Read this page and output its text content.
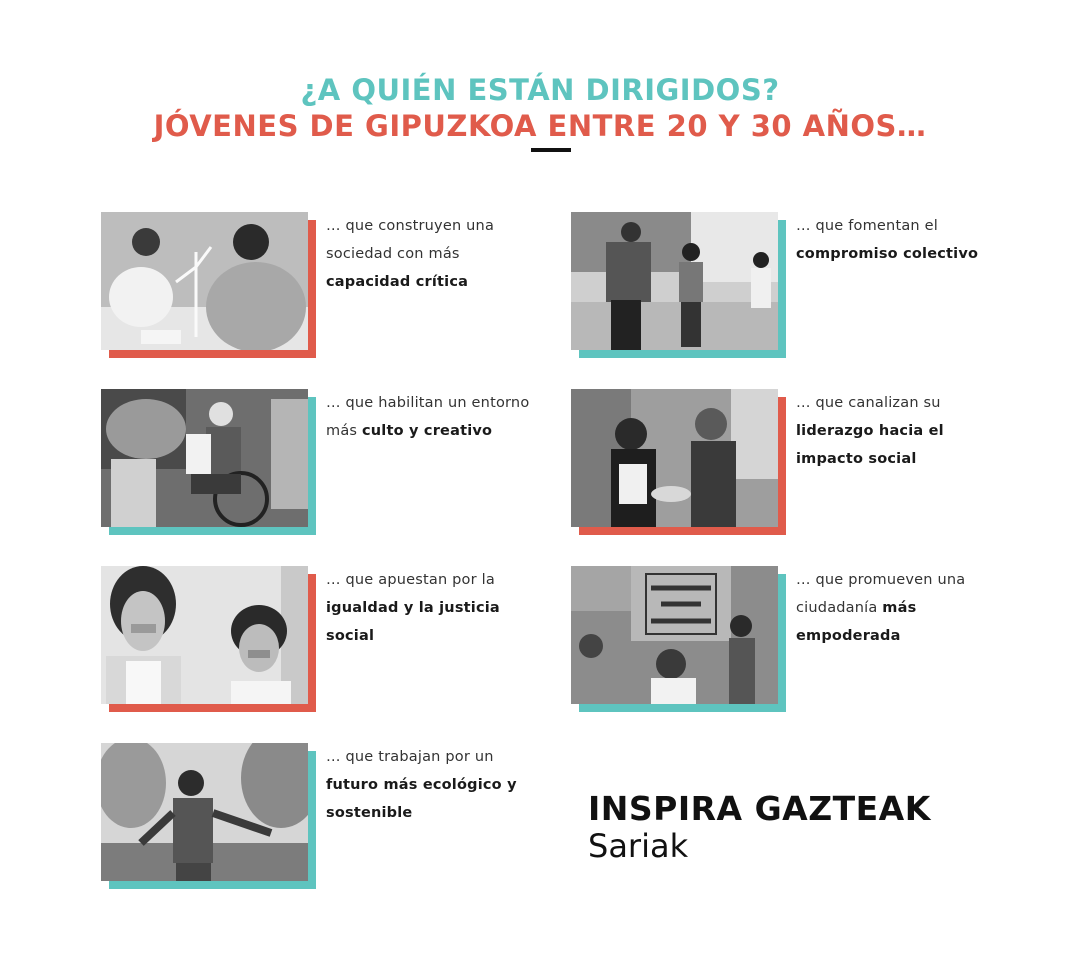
¿A QUIÉN ESTÁN DIRIGIDOS?
JÓVENES DE GIPUZKOA ENTRE 20 Y 30 AÑOS…
… que construyen una sociedad con más capacidad crítica
… que fomentan el compromiso colectivo
… que habilitan un entorno más culto y creativo
… que canalizan su liderazgo hacia el impacto social
… que apuestan por la igualdad y la justicia social
… que promueven una ciudadanía más empoderada
… que trabajan por un futuro más ecológico y sostenible	INSPIRA GAZTEAK
Sariak
